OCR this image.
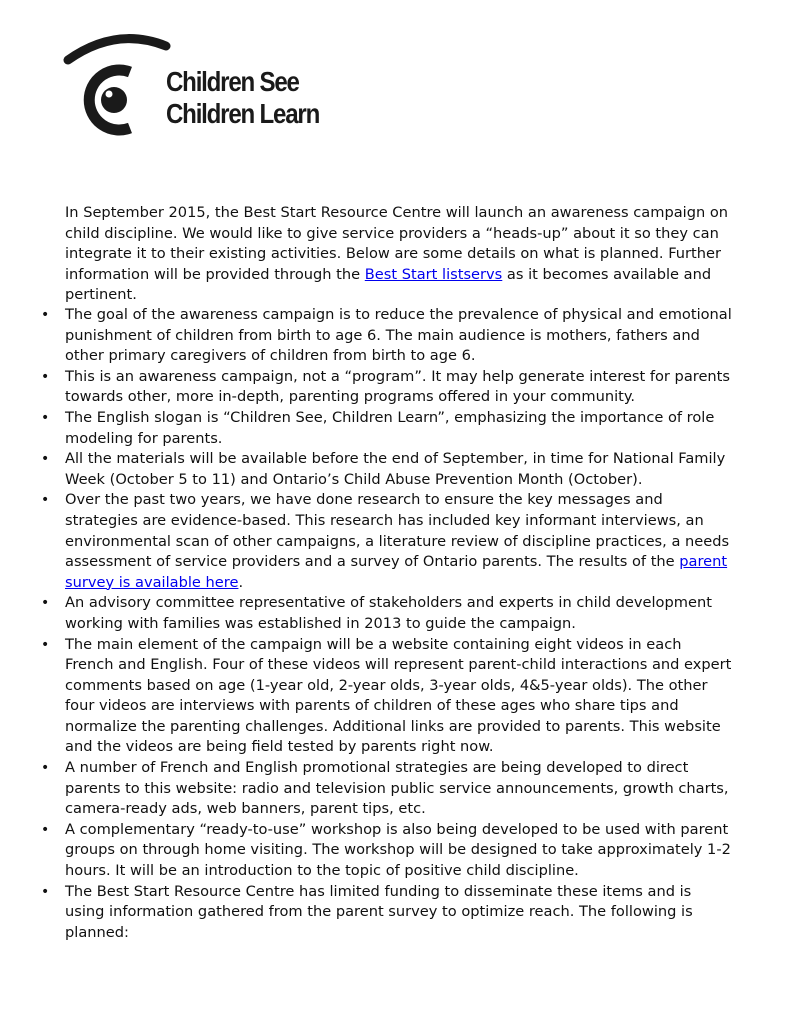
Children See
Children Learn

In September 2015, the Best Start Resource Centre will launch an awareness campaign on child discipline. We would like to give service providers a “heads-up” about it so they can integrate it to their existing activities. Below are some details on what is planned. Further information will be provided through the Best Start listservs as it becomes available and pertinent.

• The goal of the awareness campaign is to reduce the prevalence of physical and emotional punishment of children from birth to age 6. The main audience is mothers, fathers and other primary caregivers of children from birth to age 6.
• This is an awareness campaign, not a “program”. It may help generate interest for parents towards other, more in-depth, parenting programs offered in your community.
• The English slogan is “Children See, Children Learn”, emphasizing the importance of role modeling for parents.
• All the materials will be available before the end of September, in time for National Family Week (October 5 to 11) and Ontario’s Child Abuse Prevention Month (October).
• Over the past two years, we have done research to ensure the key messages and strategies are evidence-based. This research has included key informant interviews, an environmental scan of other campaigns, a literature review of discipline practices, a needs assessment of service providers and a survey of Ontario parents. The results of the parent survey is available here.
• An advisory committee representative of stakeholders and experts in child development working with families was established in 2013 to guide the campaign.
• The main element of the campaign will be a website containing eight videos in each French and English. Four of these videos will represent parent-child interactions and expert comments based on age (1-year old, 2-year olds, 3-year olds, 4&5-year olds). The other four videos are interviews with parents of children of these ages who share tips and normalize the parenting challenges. Additional links are provided to parents. This website and the videos are being field tested by parents right now.
• A number of French and English promotional strategies are being developed to direct parents to this website: radio and television public service announcements, growth charts, camera-ready ads, web banners, parent tips, etc.
• A complementary “ready-to-use” workshop is also being developed to be used with parent groups on through home visiting. The workshop will be designed to take approximately 1-2 hours. It will be an introduction to the topic of positive child discipline.
• The Best Start Resource Centre has limited funding to disseminate these items and is using information gathered from the parent survey to optimize reach. The following is planned:
